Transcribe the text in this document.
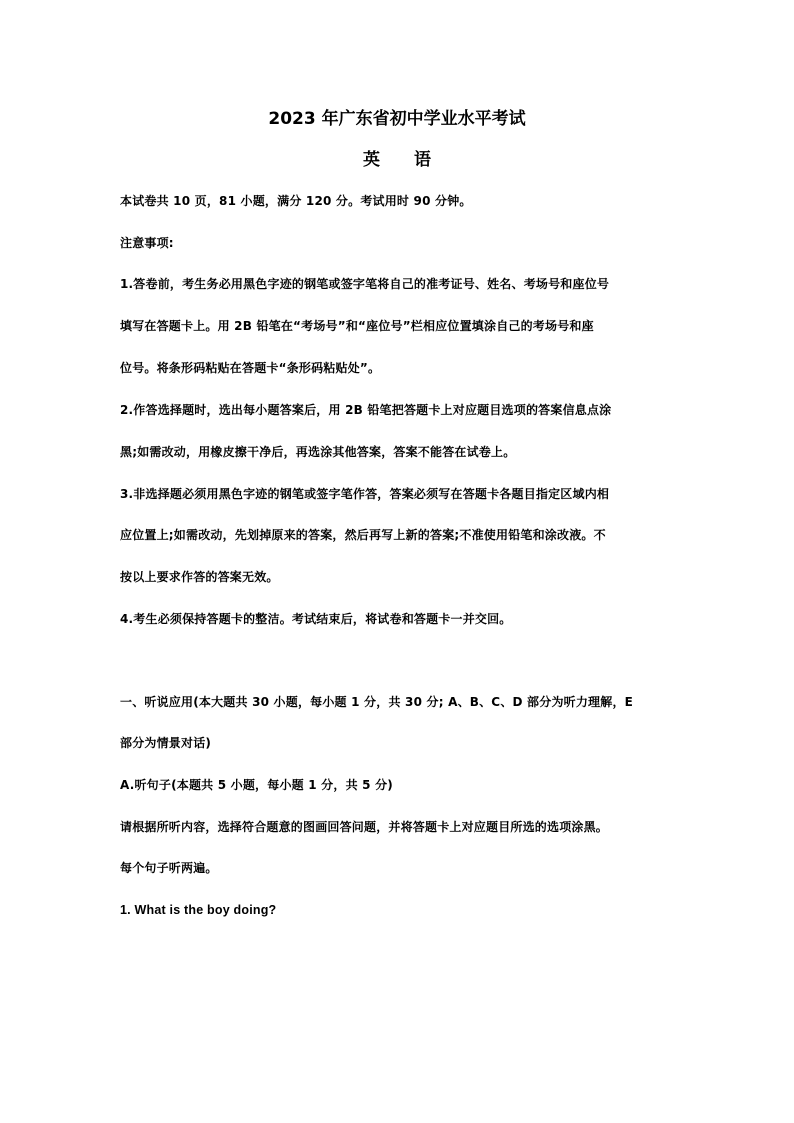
2023 年广东省初中学业水平考试
英 语
本试卷共 10 页，81 小题，满分 120 分。考试用时 90 分钟。
注意事项:
1.答卷前，考生务必用黑色字迹的钢笔或签字笔将自己的准考证号、姓名、考场号和座位号
填写在答题卡上。用 2B 铅笔在“考场号”和“座位号”栏相应位置填涂自己的考场号和座
位号。将条形码粘贴在答题卡“条形码粘贴处”。
2.作答选择题时，选出每小题答案后，用 2B 铅笔把答题卡上对应题目选项的答案信息点涂
黑;如需改动，用橡皮擦干净后，再选涂其他答案，答案不能答在试卷上。
3.非选择题必须用黑色字迹的钢笔或签字笔作答，答案必须写在答题卡各题目指定区域内相
应位置上;如需改动，先划掉原来的答案，然后再写上新的答案;不准使用铅笔和涂改液。不
按以上要求作答的答案无效。
4.考生必须保持答题卡的整洁。考试结束后，将试卷和答题卡一并交回。
一、听说应用(本大题共 30 小题，每小题 1 分，共 30 分; A、B、C、D 部分为听力理解，E
部分为情景对话)
A.听句子(本题共 5 小题，每小题 1 分，共 5 分)
请根据所听内容，选择符合题意的图画回答问题，并将答题卡上对应题目所选的选项涂黑。
每个句子听两遍。
1. What is the boy doing?
